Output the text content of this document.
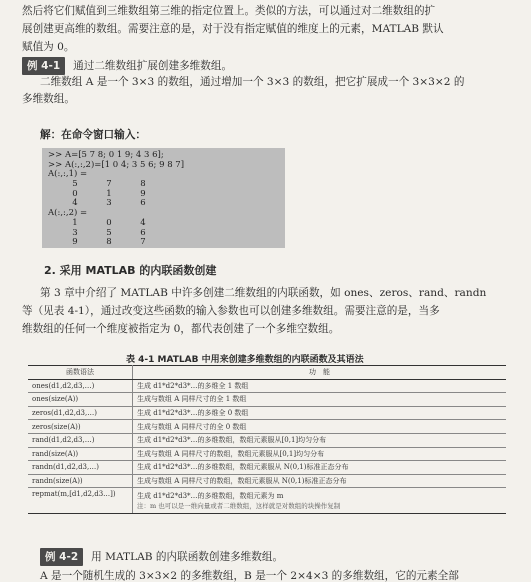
然后将它们赋值到三维数组第三维的指定位置上。类似的方法，可以通过对二维数组的扩
展创建更高维的数组。需要注意的是，对于没有指定赋值的维度上的元素，MATLAB 默认
赋值为 0。
例 4-1 通过二维数组扩展创建多维数组。
二维数组 A 是一个 3×3 的数组，通过增加一个 3×3 的数组，把它扩展成一个 3×3×2 的
多维数组。
解：在命令窗口输入：
>> A=[5 7 8; 0 1 9; 4 3 6];
>> A(:,:,2)=[1 0 4; 3 5 6; 9 8 7]
A(:,:,1) =
5	7	8
0	1	9
4	3	6
A(:,:,2) =
1	0	4
3	5	6
9	8	7
2. 采用 MATLAB 的内联函数创建
第 3 章中介绍了 MATLAB 中许多创建二维数组的内联函数，如 ones、zeros、rand、randn
等（见表 4-1），通过改变这些函数的输入参数也可以创建多维数组。需要注意的是，当多
维数组的任何一个维度被指定为 0，都代表创建了一个多维空数组。
表 4-1 MATLAB 中用来创建多维数组的内联函数及其语法
函数语法	功　能
ones(d1,d2,d3,…)	生成 d1*d2*d3*…的多维全 1 数组
ones(size(A))	生成与数组 A 同样尺寸的全 1 数组
zeros(d1,d2,d3,…)	生成 d1*d2*d3*…的多维全 0 数组
zeros(size(A))	生成与数组 A 同样尺寸的全 0 数组
rand(d1,d2,d3,…)	生成 d1*d2*d3*…的多维数组，数组元素服从[0,1]均匀分布
rand(size(A))	生成与数组 A 同样尺寸的数组，数组元素服从[0,1]均匀分布
randn(d1,d2,d3,…)	生成 d1*d2*d3*…的多维数组，数组元素服从 N(0,1)标准正态分布
randn(size(A))	生成与数组 A 同样尺寸的数组，数组元素服从 N(0,1)标准正态分布
repmat(m,[d1,d2,d3…])	生成 d1*d2*d3*…的多维数组，数组元素为 m
注：m 也可以是一维向量或者二维数组，这样就是对数组的块操作复制
例 4-2 用 MATLAB 的内联函数创建多维数组。
A 是一个随机生成的 3×3×2 的多维数组，B 是一个 2×4×3 的多维数组，它的元素全部
